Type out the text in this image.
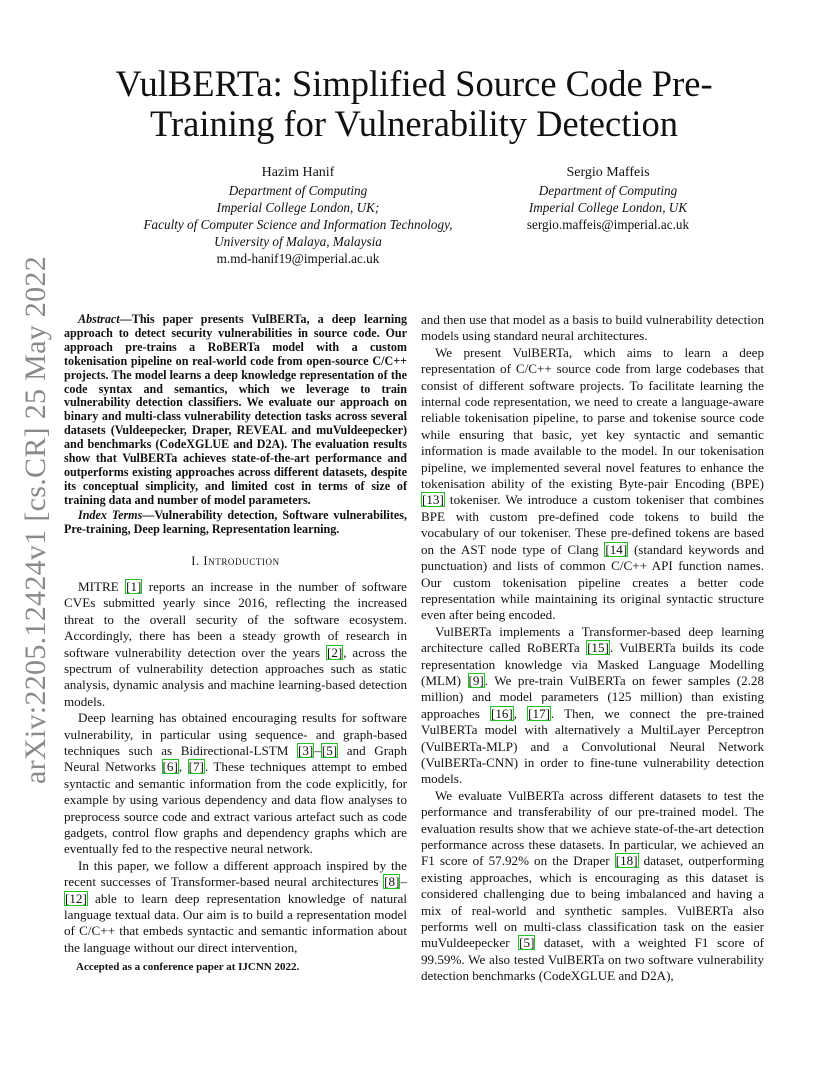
arXiv:2205.12424v1 [cs.CR] 25 May 2022
VulBERTa: Simplified Source Code Pre-Training for Vulnerability Detection
Hazim Hanif
Department of Computing
Imperial College London, UK;
Faculty of Computer Science and Information Technology,
University of Malaya, Malaysia
m.md-hanif19@imperial.ac.uk
Sergio Maffeis
Department of Computing
Imperial College London, UK
sergio.maffeis@imperial.ac.uk

Abstract—This paper presents VulBERTa, a deep learning approach to detect security vulnerabilities in source code. Our approach pre-trains a RoBERTa model with a custom tokenisation pipeline on real-world code from open-source C/C++ projects. The model learns a deep knowledge representation of the code syntax and semantics, which we leverage to train vulnerability detection classifiers. We evaluate our approach on binary and multi-class vulnerability detection tasks across several datasets (Vuldeepecker, Draper, REVEAL and muVuldeepecker) and benchmarks (CodeXGLUE and D2A). The evaluation results show that VulBERTa achieves state-of-the-art performance and outperforms existing approaches across different datasets, despite its conceptual simplicity, and limited cost in terms of size of training data and number of model parameters.

Index Terms—Vulnerability detection, Software vulnerabilites, Pre-training, Deep learning, Representation learning.

I. Introduction

MITRE [1] reports an increase in the number of software CVEs submitted yearly since 2016, reflecting the increased threat to the overall security of the software ecosystem. Accordingly, there has been a steady growth of research in software vulnerability detection over the years [2], across the spectrum of vulnerability detection approaches such as static analysis, dynamic analysis and machine learning-based detection models.

Deep learning has obtained encouraging results for software vulnerability, in particular using sequence- and graph-based techniques such as Bidirectional-LSTM [3]–[5] and Graph Neural Networks [6], [7]. These techniques attempt to embed syntactic and semantic information from the code explicitly, for example by using various dependency and data flow analyses to preprocess source code and extract various artefact such as code gadgets, control flow graphs and dependency graphs which are eventually fed to the respective neural network.

In this paper, we follow a different approach inspired by the recent successes of Transformer-based neural architectures [8]–[12] able to learn deep representation knowledge of natural language textual data. Our aim is to build a representation model of C/C++ that embeds syntactic and semantic information about the language without our direct intervention,

and then use that model as a basis to build vulnerability detection models using standard neural architectures.

We present VulBERTa, which aims to learn a deep representation of C/C++ source code from large codebases that consist of different software projects. To facilitate learning the internal code representation, we need to create a language-aware reliable tokenisation pipeline, to parse and tokenise source code while ensuring that basic, yet key syntactic and semantic information is made available to the model. In our tokenisation pipeline, we implemented several novel features to enhance the tokenisation ability of the existing Byte-pair Encoding (BPE) [13] tokeniser. We introduce a custom tokeniser that combines BPE with custom pre-defined code tokens to build the vocabulary of our tokeniser. These pre-defined tokens are based on the AST node type of Clang [14] (standard keywords and punctuation) and lists of common C/C++ API function names. Our custom tokenisation pipeline creates a better code representation while maintaining its original syntactic structure even after being encoded.

VulBERTa implements a Transformer-based deep learning architecture called RoBERTa [15]. VulBERTa builds its code representation knowledge via Masked Language Modelling (MLM) [9]. We pre-train VulBERTa on fewer samples (2.28 million) and model parameters (125 million) than existing approaches [16], [17]. Then, we connect the pre-trained VulBERTa model with alternatively a MultiLayer Perceptron (VulBERTa-MLP) and a Convolutional Neural Network (VulBERTa-CNN) in order to fine-tune vulnerability detection models.

We evaluate VulBERTa across different datasets to test the performance and transferability of our pre-trained model. The evaluation results show that we achieve state-of-the-art detection performance across these datasets. In particular, we achieved an F1 score of 57.92% on the Draper [18] dataset, outperforming existing approaches, which is encouraging as this dataset is considered challenging due to being imbalanced and having a mix of real-world and synthetic samples. VulBERTa also performs well on multi-class classification task on the easier muVuldeepecker [5] dataset, with a weighted F1 score of 99.59%. We also tested VulBERTa on two software vulnerability detection benchmarks (CodeXGLUE and D2A),

Accepted as a conference paper at IJCNN 2022.
